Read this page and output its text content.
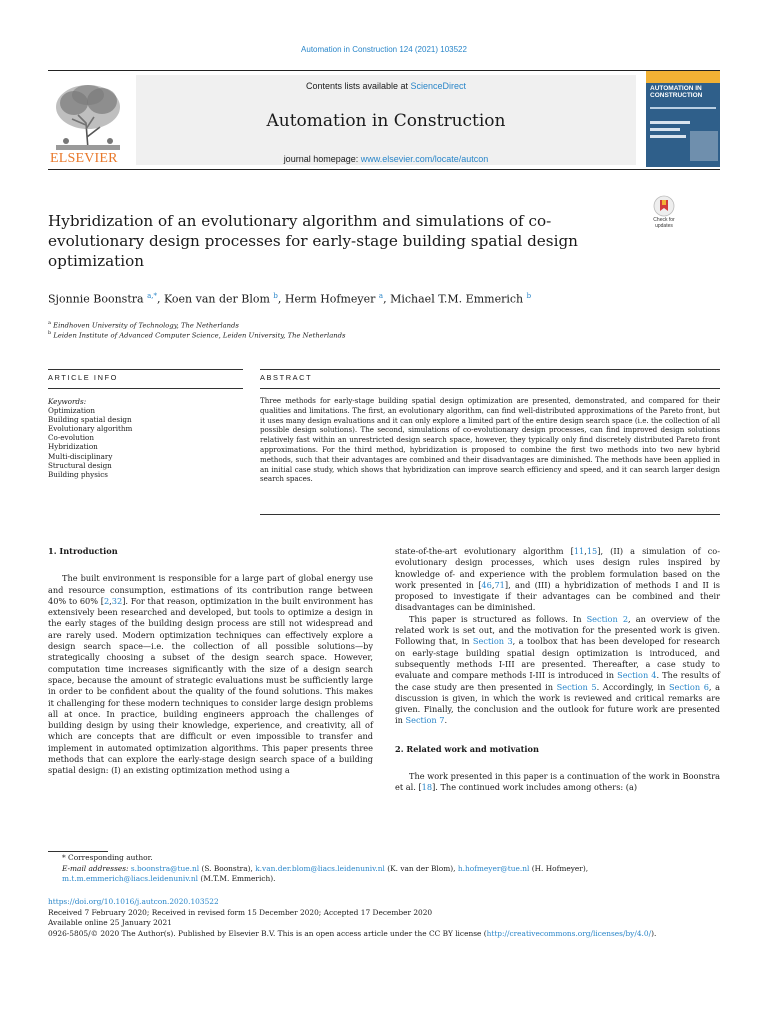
Automation in Construction 124 (2021) 103522
ELSEVIER
Contents lists available at ScienceDirect
Automation in Construction
journal homepage: www.elsevier.com/locate/autcon
AUTOMATION IN CONSTRUCTION
Check for updates
Hybridization of an evolutionary algorithm and simulations of co-evolutionary design processes for early-stage building spatial design optimization
Sjonnie Boonstra $^{a,*}$, Koen van der Blom $^b$, Herm Hofmeyer $^a$, Michael T.M. Emmerich $^b$
$^a$ Eindhoven University of Technology, The Netherlands
$^b$ Leiden Institute of Advanced Computer Science, Leiden University, The Netherlands
ARTICLE INFO	ABSTRACT
Keywords:
Optimization
Building spatial design
Evolutionary algorithm
Co-evolution
Hybridization
Multi-disciplinary
Structural design
Building physics
Three methods for early-stage building spatial design optimization are presented, demonstrated, and compared for their qualities and limitations. The first, an evolutionary algorithm, can find well-distributed approximations of the Pareto front, but it uses many design evaluations and it can only explore a limited part of the entire design search space (i.e. the collection of all possible design solutions). The second, simulations of co-evolutionary design processes, can find improved design solutions relatively fast within an unrestricted design search space, however, they typically only find discretely distributed Pareto front approximations. For the third method, hybridization is proposed to combine the first two methods into two new hybrid methods, such that their advantages are combined and their disadvantages are diminished. The methods have been applied in an initial case study, which shows that hybridization can improve search efficiency and speed, and it can search larger design search spaces.
1. Introduction

The built environment is responsible for a large part of global energy use and resource consumption, estimations of its contribution range between 40% to 60% [2,32]. For that reason, optimization in the built environment has extensively been researched and developed, but tools to optimize a design in the early stages of the building design process are still not widespread and are rarely used. Modern optimization techniques can effectively explore a design search space—i.e. the collection of all possible solutions—by strategically choosing a subset of the design search space. However, computation time increases significantly with the size of a design search space, because the amount of strategic evaluations must be sufficiently large in order to be confident about the quality of the found solutions. This makes it challenging for these modern techniques to consider large design problems all at once. In practice, building engineers approach the challenges of building design by using their knowledge, experience, and creativity, all of which are concepts that are difficult or even impossible to transfer and implement in automated optimization algorithms. This paper presents three methods that can explore the early-stage design search space of a building spatial design: (I) an existing optimization method using a

state-of-the-art evolutionary algorithm [11,15], (II) a simulation of co-evolutionary design processes, which uses design rules inspired by knowledge of- and experience with the problem formulation based on the work presented in [46,71], and (III) a hybridization of methods I and II is proposed to investigate if their advantages can be combined and their disadvantages can be diminished.

This paper is structured as follows. In Section 2, an overview of the related work is set out, and the motivation for the presented work is given. Following that, in Section 3, a toolbox that has been developed for research on early-stage building spatial design optimization is introduced, and subsequently methods I-III are presented. Thereafter, a case study to evaluate and compare methods I-III is introduced in Section 4. The results of the case study are then presented in Section 5. Accordingly, in Section 6, a discussion is given, in which the work is reviewed and critical remarks are given. Finally, the conclusion and the outlook for future work are presented in Section 7.

2. Related work and motivation

The work presented in this paper is a continuation of the work in Boonstra et al. [18]. The continued work includes among others: (a)

* Corresponding author.
E-mail addresses: s.boonstra@tue.nl (S. Boonstra), k.van.der.blom@liacs.leidenuniv.nl (K. van der Blom), h.hofmeyer@tue.nl (H. Hofmeyer), m.t.m.emmerich@liacs.leidenuniv.nl (M.T.M. Emmerich).
https://doi.org/10.1016/j.autcon.2020.103522
Received 7 February 2020; Received in revised form 15 December 2020; Accepted 17 December 2020
Available online 25 January 2021
0926-5805/© 2020 The Author(s). Published by Elsevier B.V. This is an open access article under the CC BY license (http://creativecommons.org/licenses/by/4.0/).
